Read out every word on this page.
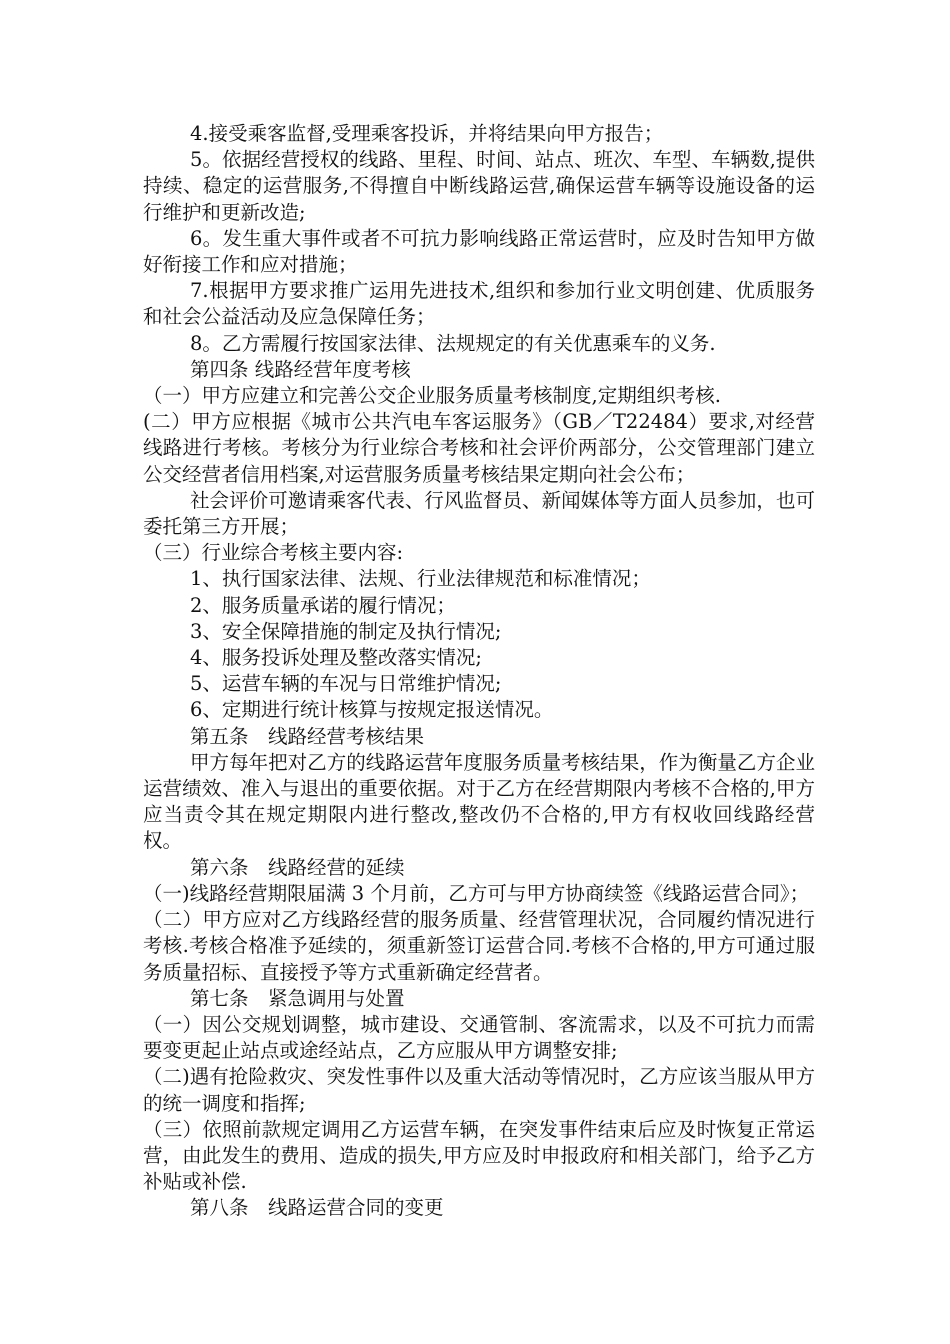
4.接受乘客监督,受理乘客投诉，并将结果向甲方报告；

5。依据经营授权的线路、里程、时间、站点、班次、车型、车辆数,提供持续、稳定的运营服务,不得擅自中断线路运营,确保运营车辆等设施设备的运行维护和更新改造;

6。发生重大事件或者不可抗力影响线路正常运营时，应及时告知甲方做好衔接工作和应对措施；

7.根据甲方要求推广运用先进技术,组织和参加行业文明创建、优质服务和社会公益活动及应急保障任务；

8。乙方需履行按国家法律、法规规定的有关优惠乘车的义务.

第四条 线路经营年度考核

（一）甲方应建立和完善公交企业服务质量考核制度,定期组织考核.

(二）甲方应根据《城市公共汽电车客运服务》（GB／T22484）要求,对经营线路进行考核。考核分为行业综合考核和社会评价两部分，公交管理部门建立公交经营者信用档案,对运营服务质量考核结果定期向社会公布；

社会评价可邀请乘客代表、行风监督员、新闻媒体等方面人员参加，也可委托第三方开展；

（三）行业综合考核主要内容:

1、执行国家法律、法规、行业法律规范和标准情况；

2、服务质量承诺的履行情况；

3、安全保障措施的制定及执行情况;

4、服务投诉处理及整改落实情况;

5、运营车辆的车况与日常维护情况;

6、定期进行统计核算与按规定报送情况。

第五条　线路经营考核结果

甲方每年把对乙方的线路运营年度服务质量考核结果，作为衡量乙方企业运营绩效、准入与退出的重要依据。对于乙方在经营期限内考核不合格的,甲方应当责令其在规定期限内进行整改,整改仍不合格的,甲方有权收回线路经营权。

第六条　线路经营的延续

（一)线路经营期限届满 3 个月前，乙方可与甲方协商续签《线路运营合同》；

（二）甲方应对乙方线路经营的服务质量、经营管理状况，合同履约情况进行考核.考核合格准予延续的，须重新签订运营合同.考核不合格的,甲方可通过服务质量招标、直接授予等方式重新确定经营者。

第七条　紧急调用与处置

（一）因公交规划调整，城市建设、交通管制、客流需求，以及不可抗力而需要变更起止站点或途经站点，乙方应服从甲方调整安排;

（二)遇有抢险救灾、突发性事件以及重大活动等情况时，乙方应该当服从甲方的统一调度和指挥;

（三）依照前款规定调用乙方运营车辆，在突发事件结束后应及时恢复正常运营，由此发生的费用、造成的损失,甲方应及时申报政府和相关部门，给予乙方补贴或补偿.

第八条　线路运营合同的变更
